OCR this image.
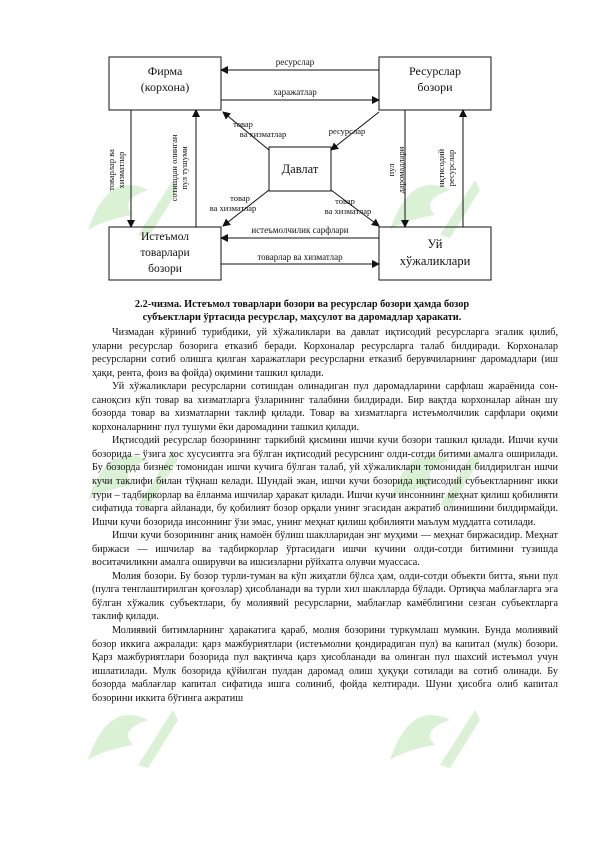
Фирма
(корхона)
Ресурслар
бозори
Давлат
Истеъмол
товарлари
бозори
Уй
хўжаликлари
ресурслар
харажатлар
истеъмолчилик сарфлари
товарлар ва хизматлар
товарлар ва хизматлар	сотишдан олинган пул тушуми	пул даромадлари	иқтисодий ресурслар
товар
ва хизматлар	ресурслар
товар
ва хизматлар
товар
ва хизматлар
2.2-чизма. Истеъмол товарлари бозори ва ресурслар бозори ҳамда бозор
субъектлари ўртасида ресурслар, маҳсулот ва даромадлар ҳаракати.

Чизмадан кўриниб турибдики, уй хўжаликлари ва давлат иқтисодий ресурсларга эгалик қилиб, уларни ресурслар бозорига етказиб беради. Корхоналар ресурсларга талаб билдиради. Корхоналар ресурсларни сотиб олишга қилган харажатлари ресурсларни етказиб берувчиларнинг даромадлари (иш ҳақи, рента, фоиз ва фойда) оқимини ташкил қилади.

Уй хўжаликлари ресурсларни сотишдан олинадиган пул даромадларини сарфлаш жараёнида сон-саноқсиз кўп товар ва хизматларга ўзларининг талабини билдиради. Бир вақтда корхоналар айнан шу бозорда товар ва хизматларни таклиф қилади. Товар ва хизматларга истеъмолчилик сарфлари оқими корхоналарнинг пул тушуми ёки даромадини ташкил қилади.

Иқтисодий ресурслар бозорининг таркибий қисмини ишчи кучи бозори ташкил қилади. Ишчи кучи бозорида – ўзига хос хусусиятга эга бўлган иқтисодий ресурснинг олди-сотди битими амалга оширилади. Бу бозорда бизнес томонидан ишчи кучига бўлган талаб, уй хўжаликлари томонидан билдирилган ишчи кучи таклифи билан тўқнаш келади. Шундай экан, ишчи кучи бозорида иқтисодий субъектларнинг икки тури – тадбиркорлар ва ёлланма ишчилар ҳаракат қилади. Ишчи кучи инсоннинг меҳнат қилиш қобилияти сифатида товарга айланади, бу қобилият бозор орқали унинг эгасидан ажратиб олинишини билдирмайди. Ишчи кучи бозорида инсоннинг ўзи эмас, унинг меҳнат қилиш қобилияти маълум муддатга сотилади.

Ишчи кучи бозорининг аниқ намоён бўлиш шаклларидан энг муҳими — меҳнат биржасидир. Меҳнат биржаси — ишчилар ва тадбиркорлар ўртасидаги ишчи кучини олди-сотди битимини тузишда воситачиликни амалга оширувчи ва ишсизларни рўйхатга олувчи муассаса.

Молия бозори. Бу бозор турли-туман ва кўп жиҳатли бўлса ҳам, олди-сотди объекти битта, яъни пул (пулга тенглаштирилган қоғозлар) ҳисобланади ва турли хил шаклларда бўлади. Ортиқча маблағларга эга бўлган хўжалик субъектлари, бу молиявий ресурсларни, маблағлар камёблигини сезган субъектларга таклиф қилади.

Молиявий битимларнинг ҳаракатига қараб, молия бозорини туркумлаш мумкин. Бунда молиявий бозор иккига ажралади: қарз мажбуриятлари (истеъмолни қондирадиган пул) ва капитал (мулк) бозори. Қарз мажбуриятлари бозорида пул вақтинча қарз ҳисобланади ва олинган пул шахсий истеъмол учун ишлатилади. Мулк бозорида қўйилган пулдан даромад олиш ҳуқуқи сотилади ва сотиб олинади. Бу бозорда маблағлар капитал сифатида ишга солиниб, фойда келтиради. Шуни ҳисобга олиб капитал бозорини иккита бўгинга ажратиш
